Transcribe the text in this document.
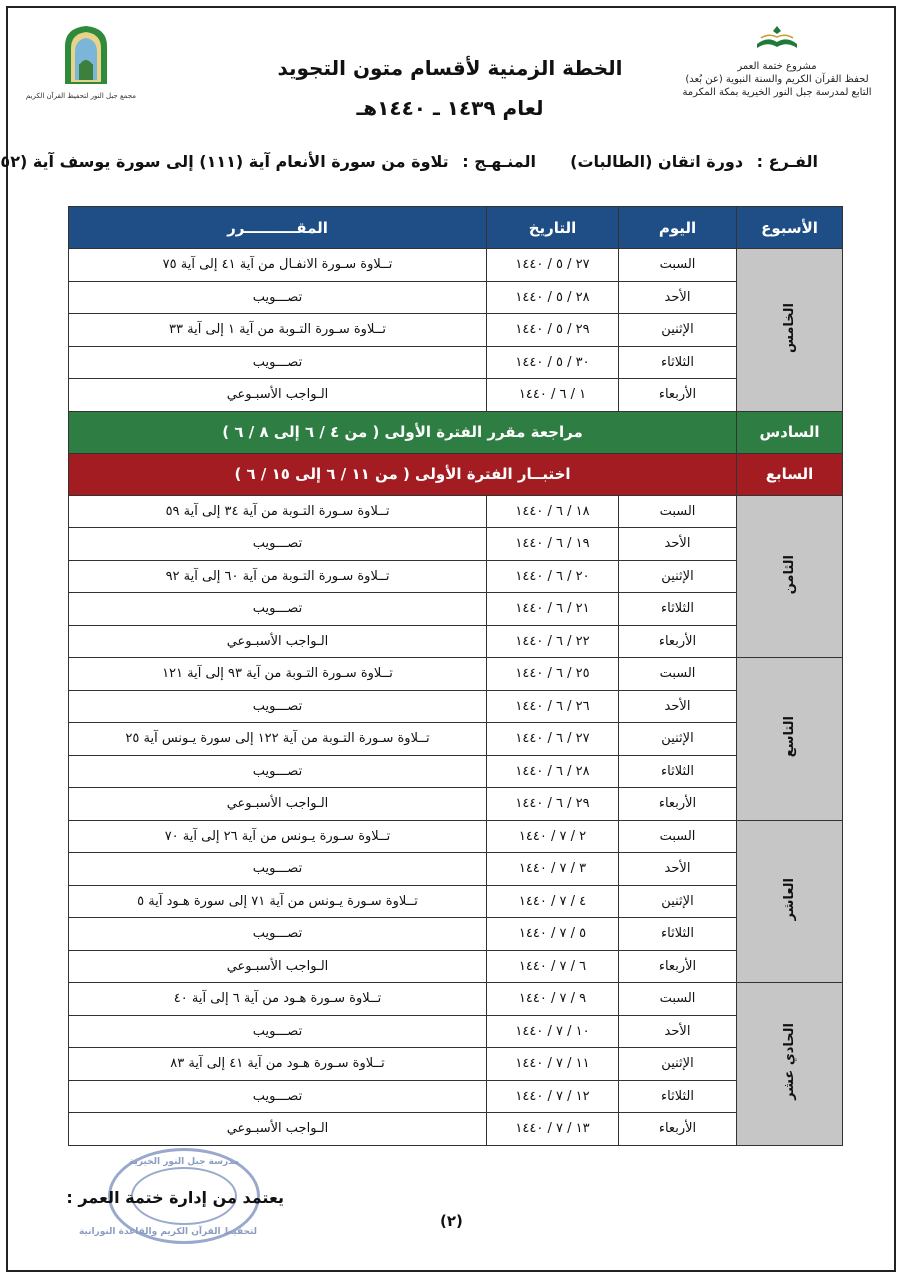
مشروع ختمة العمر
لحفظ القرآن الكريم والسنة النبوية (عن بُعد)
التابع لمدرسة جبل النور الخيرية بمكة المكرمة
مجمع جبل النور لتحفيظ القرآن الكريم
الخطة الزمنية لأقسام متون التجويد
لعام ١٤٣٩ ـ ١٤٤٠هـ
الفـرع : دورة اتقان (الطالبات)
المنـهـج : تلاوة من سورة الأنعام آية (١١١) إلى سورة يوسف آية (٥٢
الأسبوع	اليوم	التاريخ	المقــــــــــرر
الخامس	السبت	٢٧ / ٥ / ١٤٤٠	تــلاوة سـورة الانفـال من آية ٤١ إلى آية ٧٥
	الأحد	٢٨ / ٥ / ١٤٤٠	تصـــويب
	الإثنين	٢٩ / ٥ / ١٤٤٠	تــلاوة سـورة التـوبة من آية ١ إلى آية ٣٣
	الثلاثاء	٣٠ / ٥ / ١٤٤٠	تصـــويب
	الأربعاء	١ / ٦ / ١٤٤٠	الـواجب الأسبـوعي
السادس	مراجعة مقرر الفترة الأولى ( من ٤ / ٦ إلى ٨ / ٦ )		
السابع	اختبــار الفترة الأولى ( من ١١ / ٦ إلى ١٥ / ٦ )		
الثامن	السبت	١٨ / ٦ / ١٤٤٠	تــلاوة سـورة التـوبة من آية ٣٤ إلى آية ٥٩
	الأحد	١٩ / ٦ / ١٤٤٠	تصـــويب
	الإثنين	٢٠ / ٦ / ١٤٤٠	تــلاوة سـورة التـوبة من آية ٦٠ إلى آية ٩٢
	الثلاثاء	٢١ / ٦ / ١٤٤٠	تصـــويب
	الأربعاء	٢٢ / ٦ / ١٤٤٠	الـواجب الأسبـوعي
التاسع	السبت	٢٥ / ٦ / ١٤٤٠	تــلاوة سـورة التـوبة من آية ٩٣ إلى آية ١٢١
	الأحد	٢٦ / ٦ / ١٤٤٠	تصـــويب
	الإثنين	٢٧ / ٦ / ١٤٤٠	تــلاوة سـورة التـوبة من آية ١٢٢ إلى سورة يـونس آية ٢٥
	الثلاثاء	٢٨ / ٦ / ١٤٤٠	تصـــويب
	الأربعاء	٢٩ / ٦ / ١٤٤٠	الـواجب الأسبـوعي
العاشر	السبت	٢ / ٧ / ١٤٤٠	تــلاوة سـورة يـونس من آية ٢٦ إلى آية ٧٠
	الأحد	٣ / ٧ / ١٤٤٠	تصـــويب
	الإثنين	٤ / ٧ / ١٤٤٠	تــلاوة سـورة يـونس من آية ٧١ إلى سورة هـود آية ٥
	الثلاثاء	٥ / ٧ / ١٤٤٠	تصـــويب
	الأربعاء	٦ / ٧ / ١٤٤٠	الـواجب الأسبـوعي
الحادي عشر	السبت	٩ / ٧ / ١٤٤٠	تــلاوة سـورة هـود من آية ٦ إلى آية ٤٠
	الأحد	١٠ / ٧ / ١٤٤٠	تصـــويب
	الإثنين	١١ / ٧ / ١٤٤٠	تــلاوة سـورة هـود من آية ٤١ إلى آية ٨٣
	الثلاثاء	١٢ / ٧ / ١٤٤٠	تصـــويب
	الأربعاء	١٣ / ٧ / ١٤٤٠	الـواجب الأسبـوعي
مدرسة جبل النور الخيرية
لتحفيظ القرآن الكريم والقاعدة النورانية
يعتمد من إدارة ختمة العمر :
(٢)
